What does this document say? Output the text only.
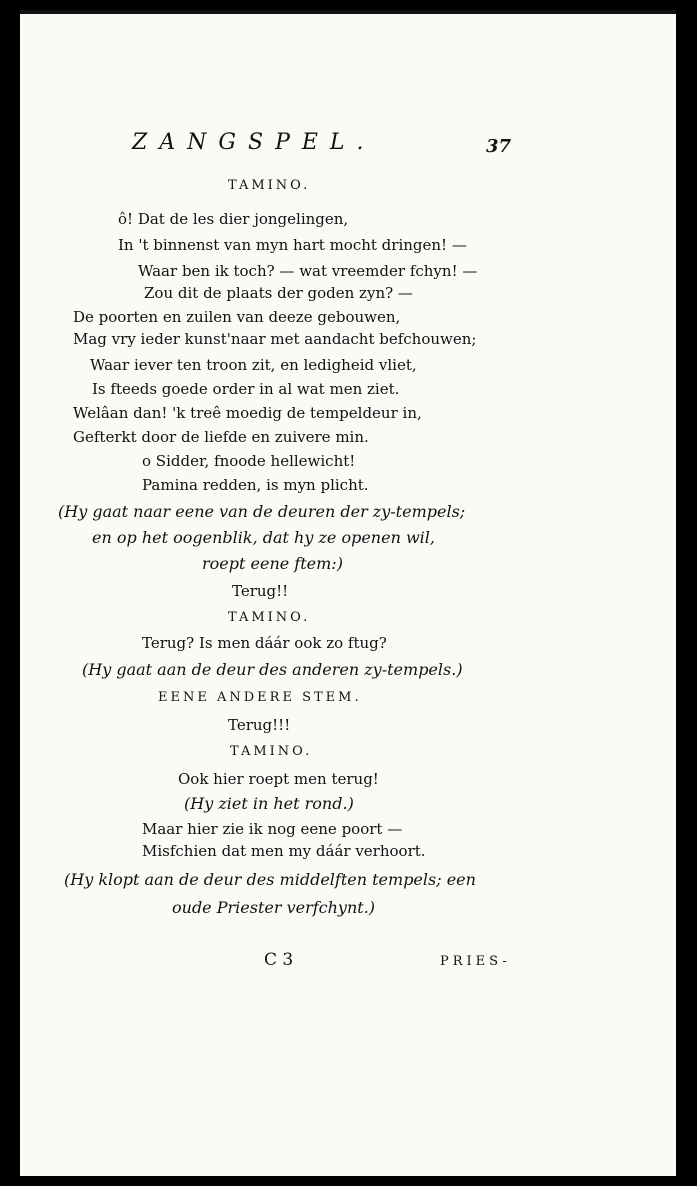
ZANGSPEL.	37
TAMINO.
ô! Dat de les dier jongelingen,
In 't binnenst van myn hart mocht dringen! —
Waar ben ik toch? — wat vreemder fchyn! —
Zou dit de plaats der goden zyn? —
De poorten en zuilen van deeze gebouwen,
Mag vry ieder kunst'naar met aandacht befchouwen;
Waar iever ten troon zit, en ledigheid vliet,
Is fteeds goede order in al wat men ziet.
Welâan dan! 'k treê moedig de tempeldeur in,
Gefterkt door de liefde en zuivere min.
o Sidder, fnoode hellewicht!
Pamina redden, is myn plicht.
(Hy gaat naar eene van de deuren der zy-tempels;
en op het oogenblik, dat hy ze openen wil,
roept eene ftem:)
Terug!!
TAMINO.
Terug? Is men dáár ook zo ftug?
(Hy gaat aan de deur des anderen zy-tempels.)
EENE ANDERE STEM.
Terug!!!
TAMINO.
Ook hier roept men terug!
(Hy ziet in het rond.)
Maar hier zie ik nog eene poort —
Misfchien dat men my dáár verhoort.
(Hy klopt aan de deur des middelften tempels; een
oude Priester verfchynt.)
C 3	PRIES-
